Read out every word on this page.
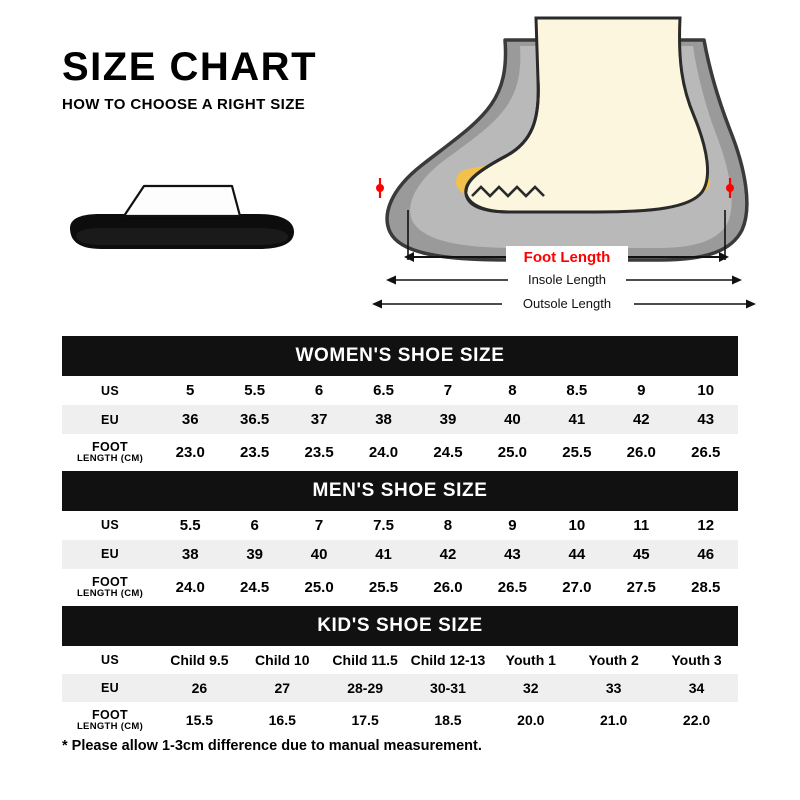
SIZE CHART
HOW TO CHOOSE A RIGHT SIZE
Foot Length
Insole Length
Outsole Length
WOMEN'S SHOE SIZE
US	5	5.5	6	6.5	7	8	8.5	9	10
EU	36	36.5	37	38	39	40	41	42	43
FOOT
LENGTH (CM)	23.0	23.5	23.5	24.0	24.5	25.0	25.5	26.0	26.5
MEN'S SHOE SIZE
US	5.5	6	7	7.5	8	9	10	11	12
EU	38	39	40	41	42	43	44	45	46
FOOT
LENGTH (CM)	24.0	24.5	25.0	25.5	26.0	26.5	27.0	27.5	28.5
KID'S SHOE SIZE
US	Child 9.5	Child 10	Child 11.5	Child 12-13	Youth 1	Youth 2	Youth 3
EU	26	27	28-29	30-31	32	33	34
FOOT
LENGTH (CM)	15.5	16.5	17.5	18.5	20.0	21.0	22.0
* Please allow 1-3cm difference due to manual measurement.
